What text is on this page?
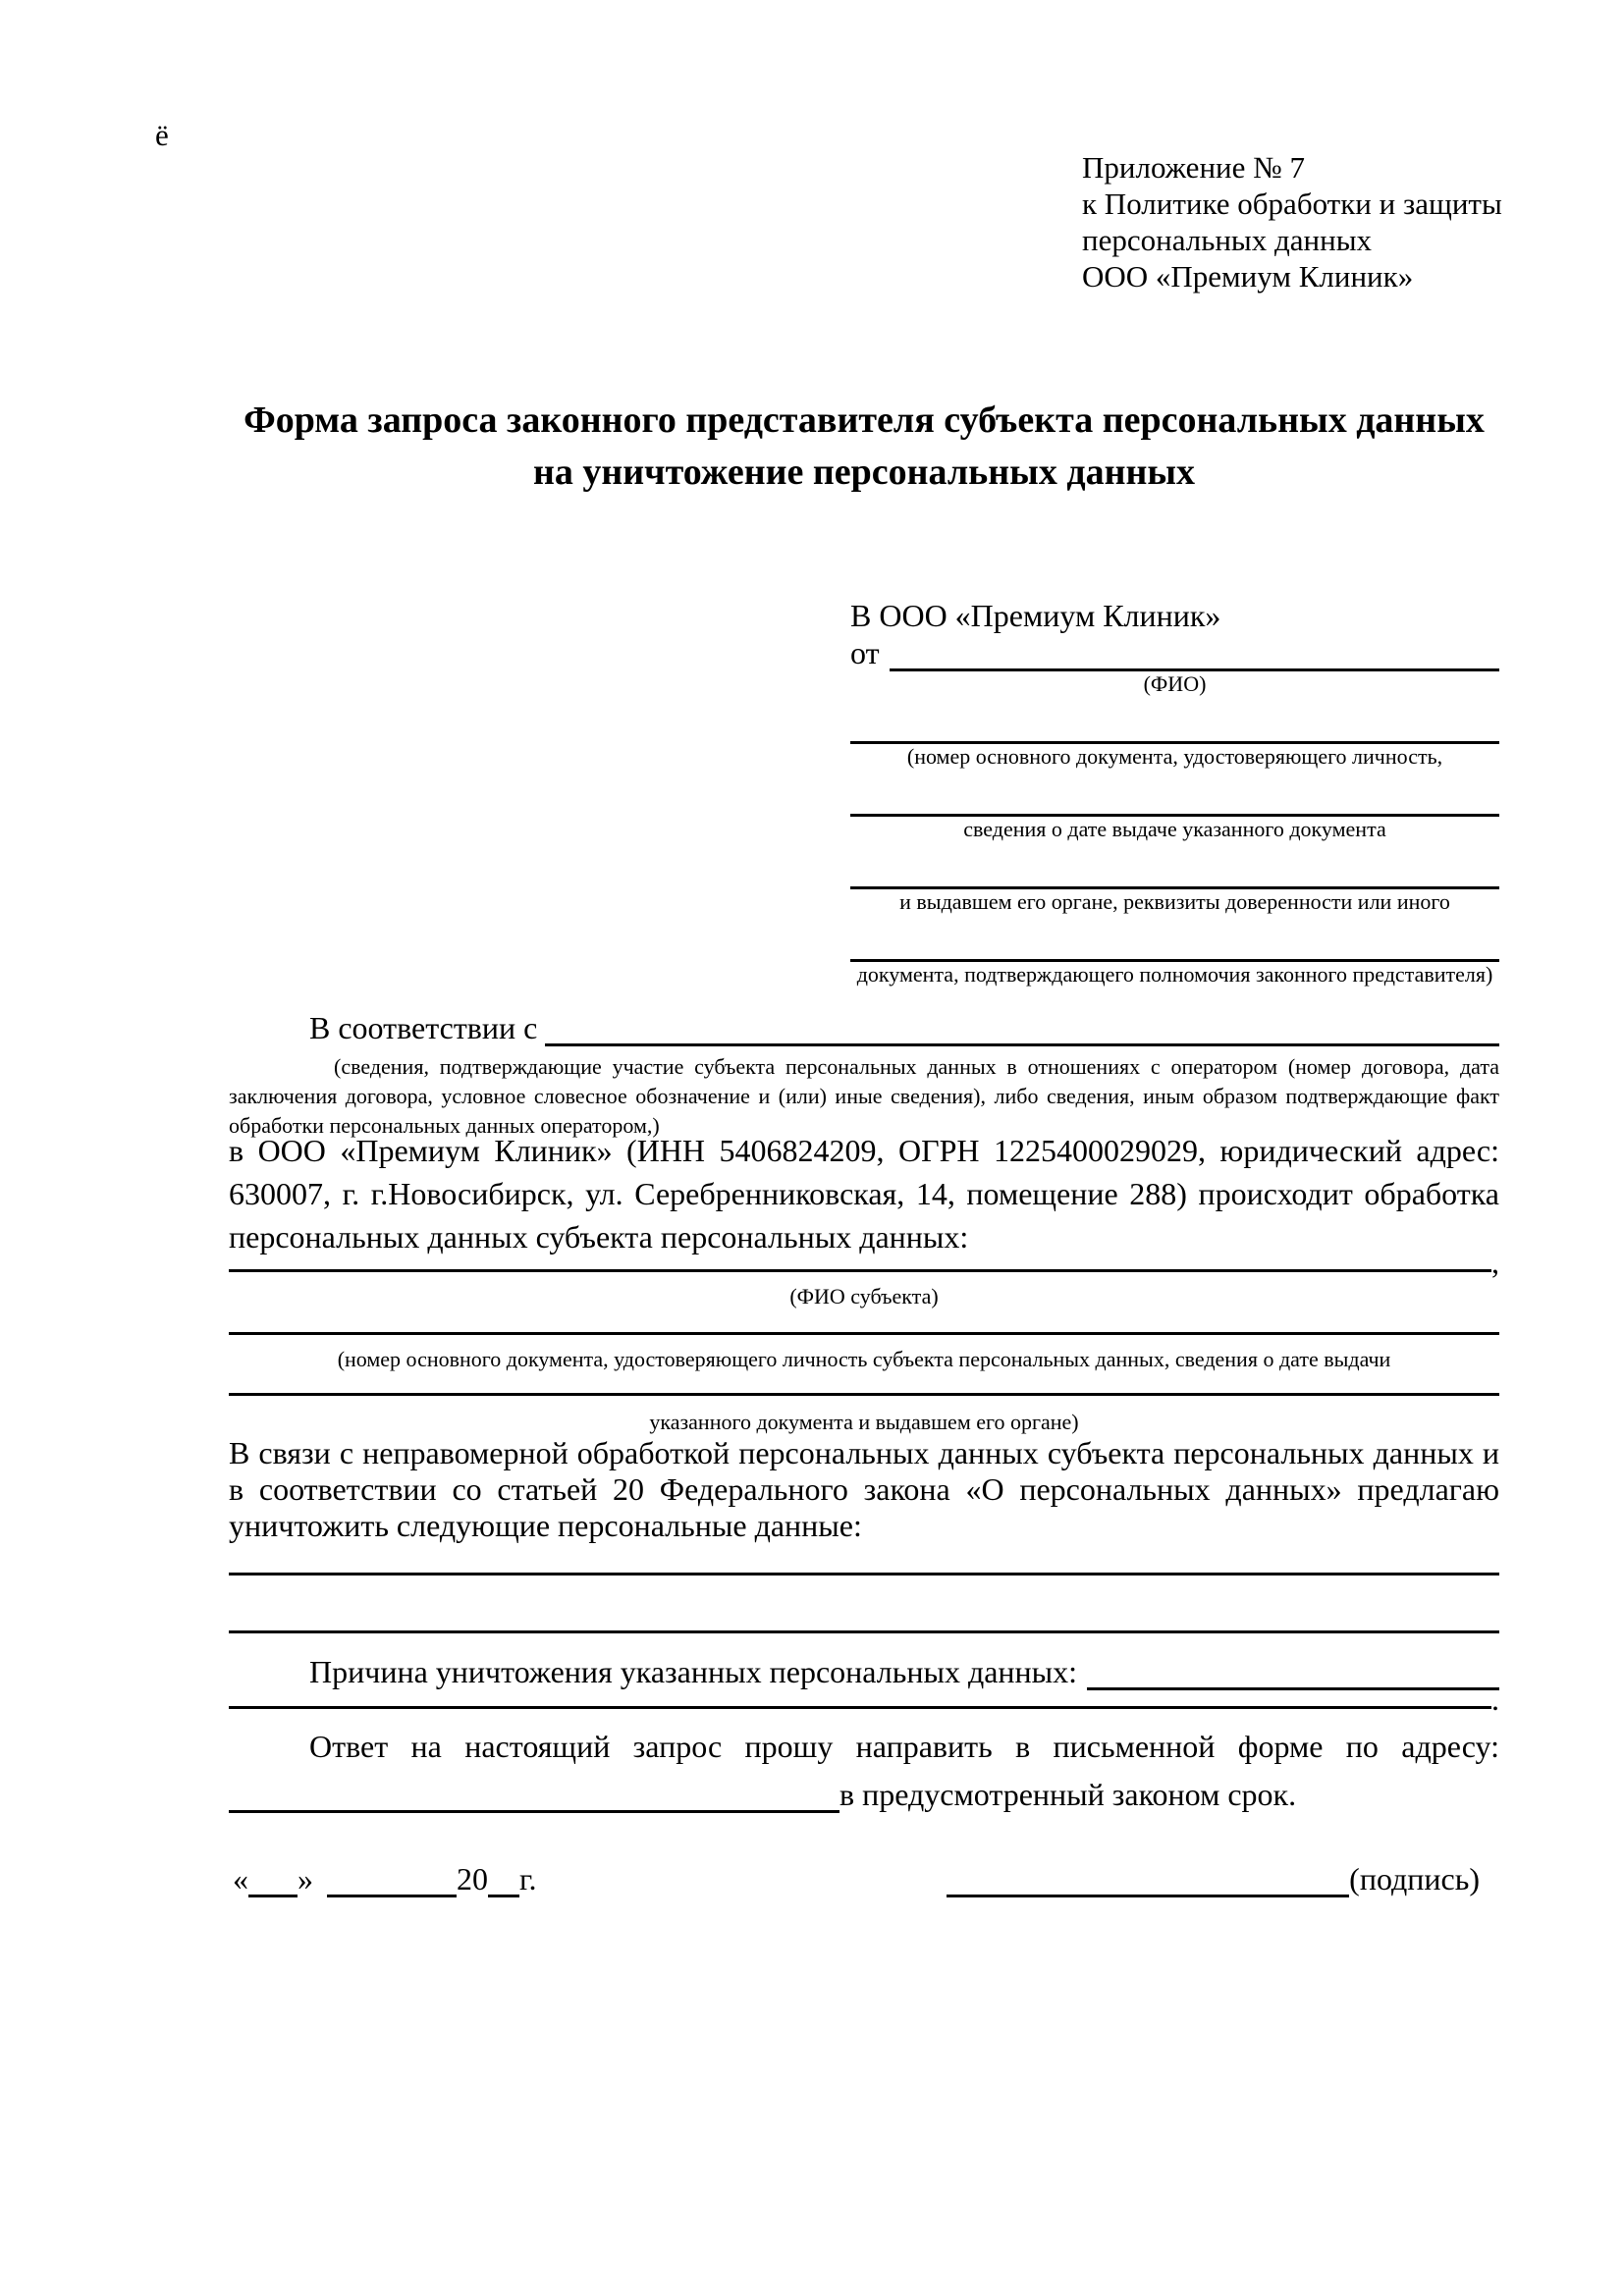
ё
Приложение № 7
к Политике обработки и защиты
персональных данных
ООО «Премиум Клиник»
Форма запроса законного представителя субъекта персональных данных
на уничтожение персональных данных
В ООО «Премиум Клиник»
от
(ФИО)
(номер основного документа, удостоверяющего личность,
сведения о дате выдаче указанного документа
и выдавшем его органе, реквизиты доверенности или иного
документа, подтверждающего полномочия законного представителя)
В соответствии с
(сведения, подтверждающие участие субъекта персональных данных в отношениях с оператором (номер договора, дата заключения договора, условное словесное обозначение и (или) иные сведения), либо сведения, иным образом подтверждающие факт обработки персональных данных оператором,)

в ООО «Премиум Клиник» (ИНН 5406824209, ОГРН 1225400029029, юридический адрес: 630007, г. г.Новосибирск, ул. Серебренниковская, 14, помещение 288) происходит обработка персональных данных субъекта персональных данных:

,
(ФИО субъекта)
(номер основного документа, удостоверяющего личность субъекта персональных данных, сведения о дате выдачи
указанного документа и выдавшем его органе)

В связи с неправомерной обработкой персональных данных субъекта персональных данных и в соответствии со статьей 20 Федерального закона «О персональных данных» предлагаю уничтожить следующие персональные данные:

Причина уничтожения указанных персональных данных:
.

Ответ на настоящий запрос прошу направить в письменной форме по адресу:

в предусмотренный законом срок.
« »	20 г.	(подпись)
